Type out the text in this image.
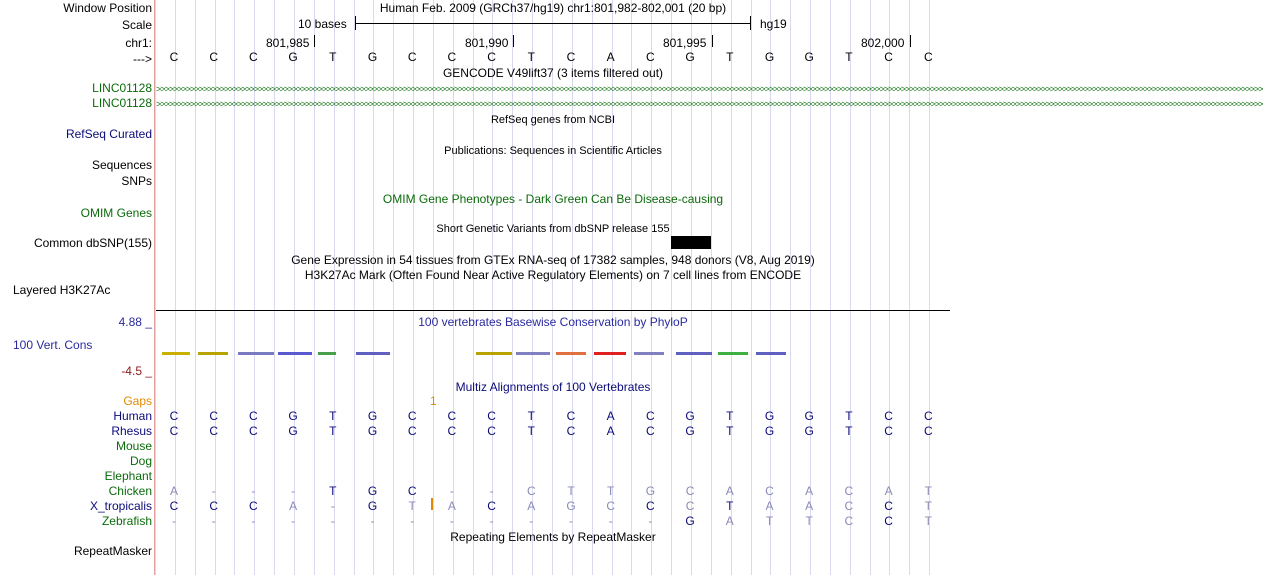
Window Position	Human Feb. 2009 (GRCh37/hg19) chr1:801,982-802,001 (20 bp)
Scale	10 bases	hg19
chr1:	801,985	801,990	801,995	802,000
--->	C	C	C	G	T	G	C	C	C	T	C	A	C	G	T	G	G	T	C	C
GENCODE V49lift37 (3 items filtered out)
LINC01128 >>>>>>>>>>>>>>>>>>>>>>>>>>>>>>>>>>>>>>>>>>>>>>>>>>>>>>>>>>>>>>>>>>>>>>>>>>>>>>>>>>>>>>>>>>>>>>>>>>>>>>>>>>>>>>>>>>>>>>>>>>>>>>>>>>>>>>>>>>>>>>>>>>>>>>>>>>>>>>>>>>>>>>>>>>>>>>>>>>>>>>>>>>>>>>>>>>>>>>>>>>>>>>>>>>>>>>>>>>>>>>>>>>>>>>>>>>>>>>>>>>>>>>>>>>>>>>>>>>>>
LINC01128 >>>>>>>>>>>>>>>>>>>>>>>>>>>>>>>>>>>>>>>>>>>>>>>>>>>>>>>>>>>>>>>>>>>>>>>>>>>>>>>>>>>>>>>>>>>>>>>>>>>>>>>>>>>>>>>>>>>>>>>>>>>>>>>>>>>>>>>>>>>>>>>>>>>>>>>>>>>>>>>>>>>>>>>>>>>>>>>>>>>>>>>>>>>>>>>>>>>>>>>>>>>>>>>>>>>>>>>>>>>>>>>>>>>>>>>>>>>>>>>>>>>>>>>>>>>>>>>>>>>>
RefSeq genes from NCBI
RefSeq Curated
Publications: Sequences in Scientific Articles
Sequences
SNPs
OMIM Gene Phenotypes - Dark Green Can Be Disease-causing
OMIM Genes
Short Genetic Variants from dbSNP release 155
Common dbSNP(155)
Gene Expression in 54 tissues from GTEx RNA-seq of 17382 samples, 948 donors (V8, Aug 2019)
H3K27Ac Mark (Often Found Near Active Regulatory Elements) on 7 cell lines from ENCODE
Layered H3K27Ac
4.88 _	100 vertebrates Basewise Conservation by PhyloP
100 Vert. Cons
-4.5 _
Multiz Alignments of 100 Vertebrates
Gaps	1
Human	C	C	C	G	T	G	C	C	C	T	C	A	C	G	T	G	G	T	C	C
Rhesus	C	C	C	G	T	G	C	C	C	T	C	A	C	G	T	G	G	T	C	C
Mouse
Dog
Elephant
Chicken	A	-	-	-	T	G	C	-	-	C	T	T	G	C	A	C	A	C	A	T
X_tropicalis	C	C	C	A	-	G	T	A	C	A	G	C	C	C	T	A	A	C	C	T
Zebrafish	-	-	-	-	-	-	-	-	-	-	-	-	-	G	A	T	T	C	C	T
Repeating Elements by RepeatMasker
RepeatMasker
